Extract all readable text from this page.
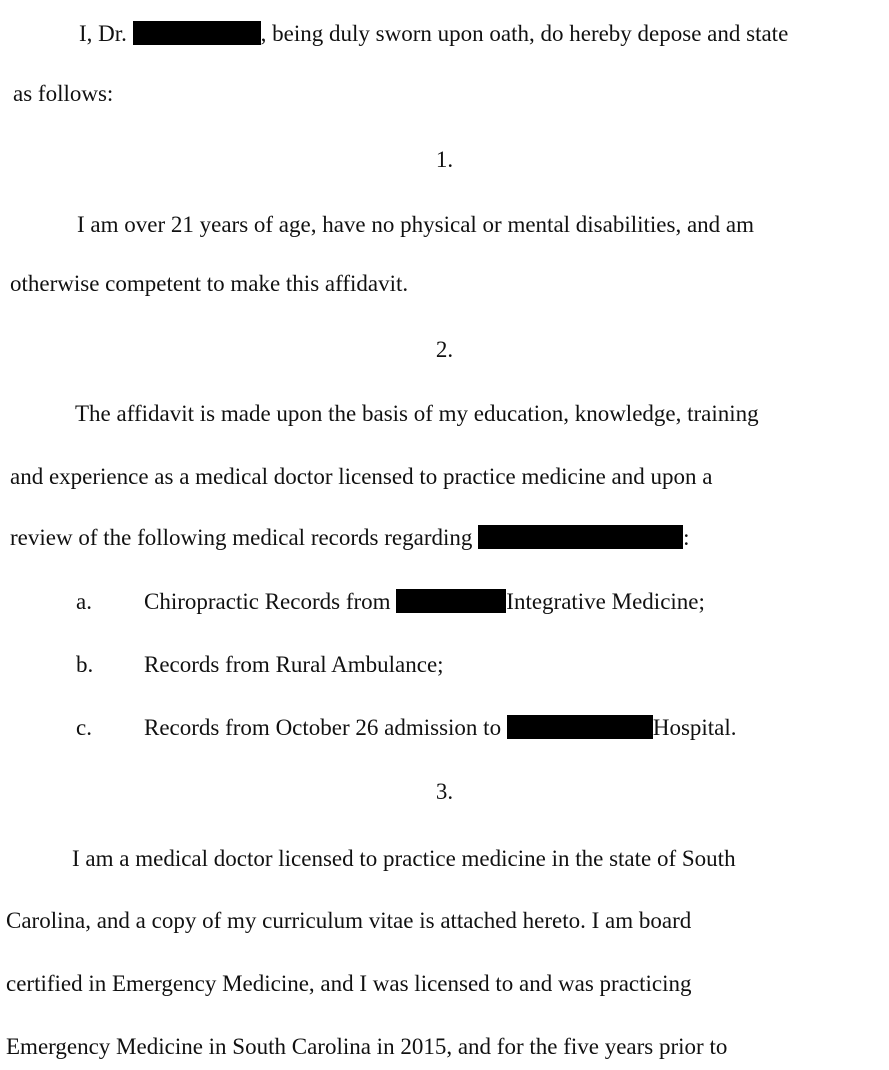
I, Dr.	, being duly sworn upon oath, do hereby depose and state
as follows:
1.
I am over 21 years of age, have no physical or mental disabilities, and am
otherwise competent to make this affidavit.
2.
The affidavit is made upon the basis of my education, knowledge, training
and experience as a medical doctor licensed to practice medicine and upon a
review of the following medical records regarding	:
a. Chiropractic Records from	Integrative Medicine;
b. Records from Rural Ambulance;
c. Records from October 26 admission to	Hospital.
3.
I am a medical doctor licensed to practice medicine in the state of South
Carolina, and a copy of my curriculum vitae is attached hereto. I am board
certified in Emergency Medicine, and I was licensed to and was practicing
Emergency Medicine in South Carolina in 2015, and for the five years prior to
